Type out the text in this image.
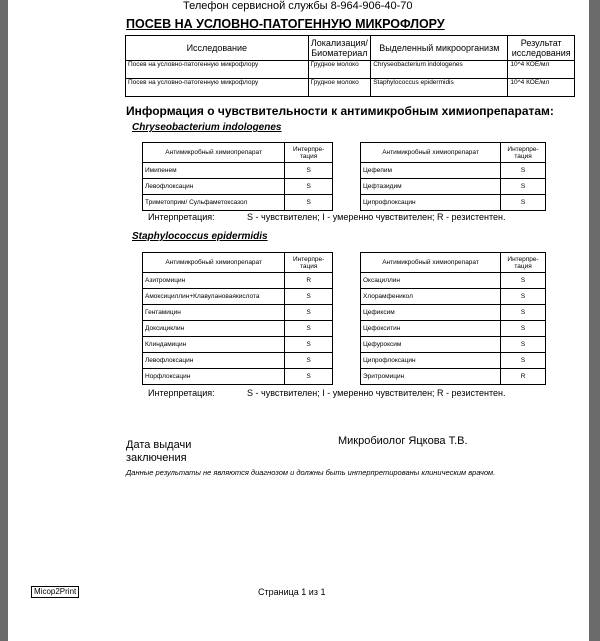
Телефон сервисной службы 8-964-906-40-70
ПОСЕВ НА УСЛОВНО-ПАТОГЕННУЮ МИКРОФЛОРУ
Исследование	Локализация/ Биоматериал	Выделенный микроорганизм	Результат исследования
Посев на условно-патогенную микрофлору	Грудное молоко	Chryseobacterium indologenes	10^4 КОЕ/мл
Посев на условно-патогенную микрофлору	Грудное молоко	Staphylococcus epidermidis	10^4 КОЕ/мл
Информация о чувствительности к антимикробным химиопрепаратам:
Chryseobacterium indologenes
Антимикробный химиопрепарат	Интерпре- тация
Имипенем	S
Левофлоксацин	S
Триметоприм/ Сульфаметоксазол	S
Антимикробный химиопрепарат	Интерпре- тация
Цефепим	S
Цефтазидим	S
Ципрофлоксацин	S
Интерпретация:	S - чувствителен; I - умеренно чувствителен; R - резистентен.
Staphylococcus epidermidis
Антимикробный химиопрепарат	Интерпре- тация
Азитромицин	R
Амоксициллин+Клавулановаякислота	S
Гентамицин	S
Доксициклин	S
Клиндамицин	S
Левофлоксацин	S
Норфлоксацин	S
Антимикробный химиопрепарат	Интерпре- тация
Оксациллин	S
Хлорамфеникол	S
Цефиксим	S
Цефокситин	S
Цефуроксим	S
Ципрофлоксацин	S
Эритромицин	R
Интерпретация:	S - чувствителен; I - умеренно чувствителен; R - резистентен.
Дата выдачи заключения
Микробиолог Яцкова Т.В.
Данные результаты не являются диагнозом и должны быть интерпретированы клиническим врачом.
Micop2Print	Страница 1 из 1
